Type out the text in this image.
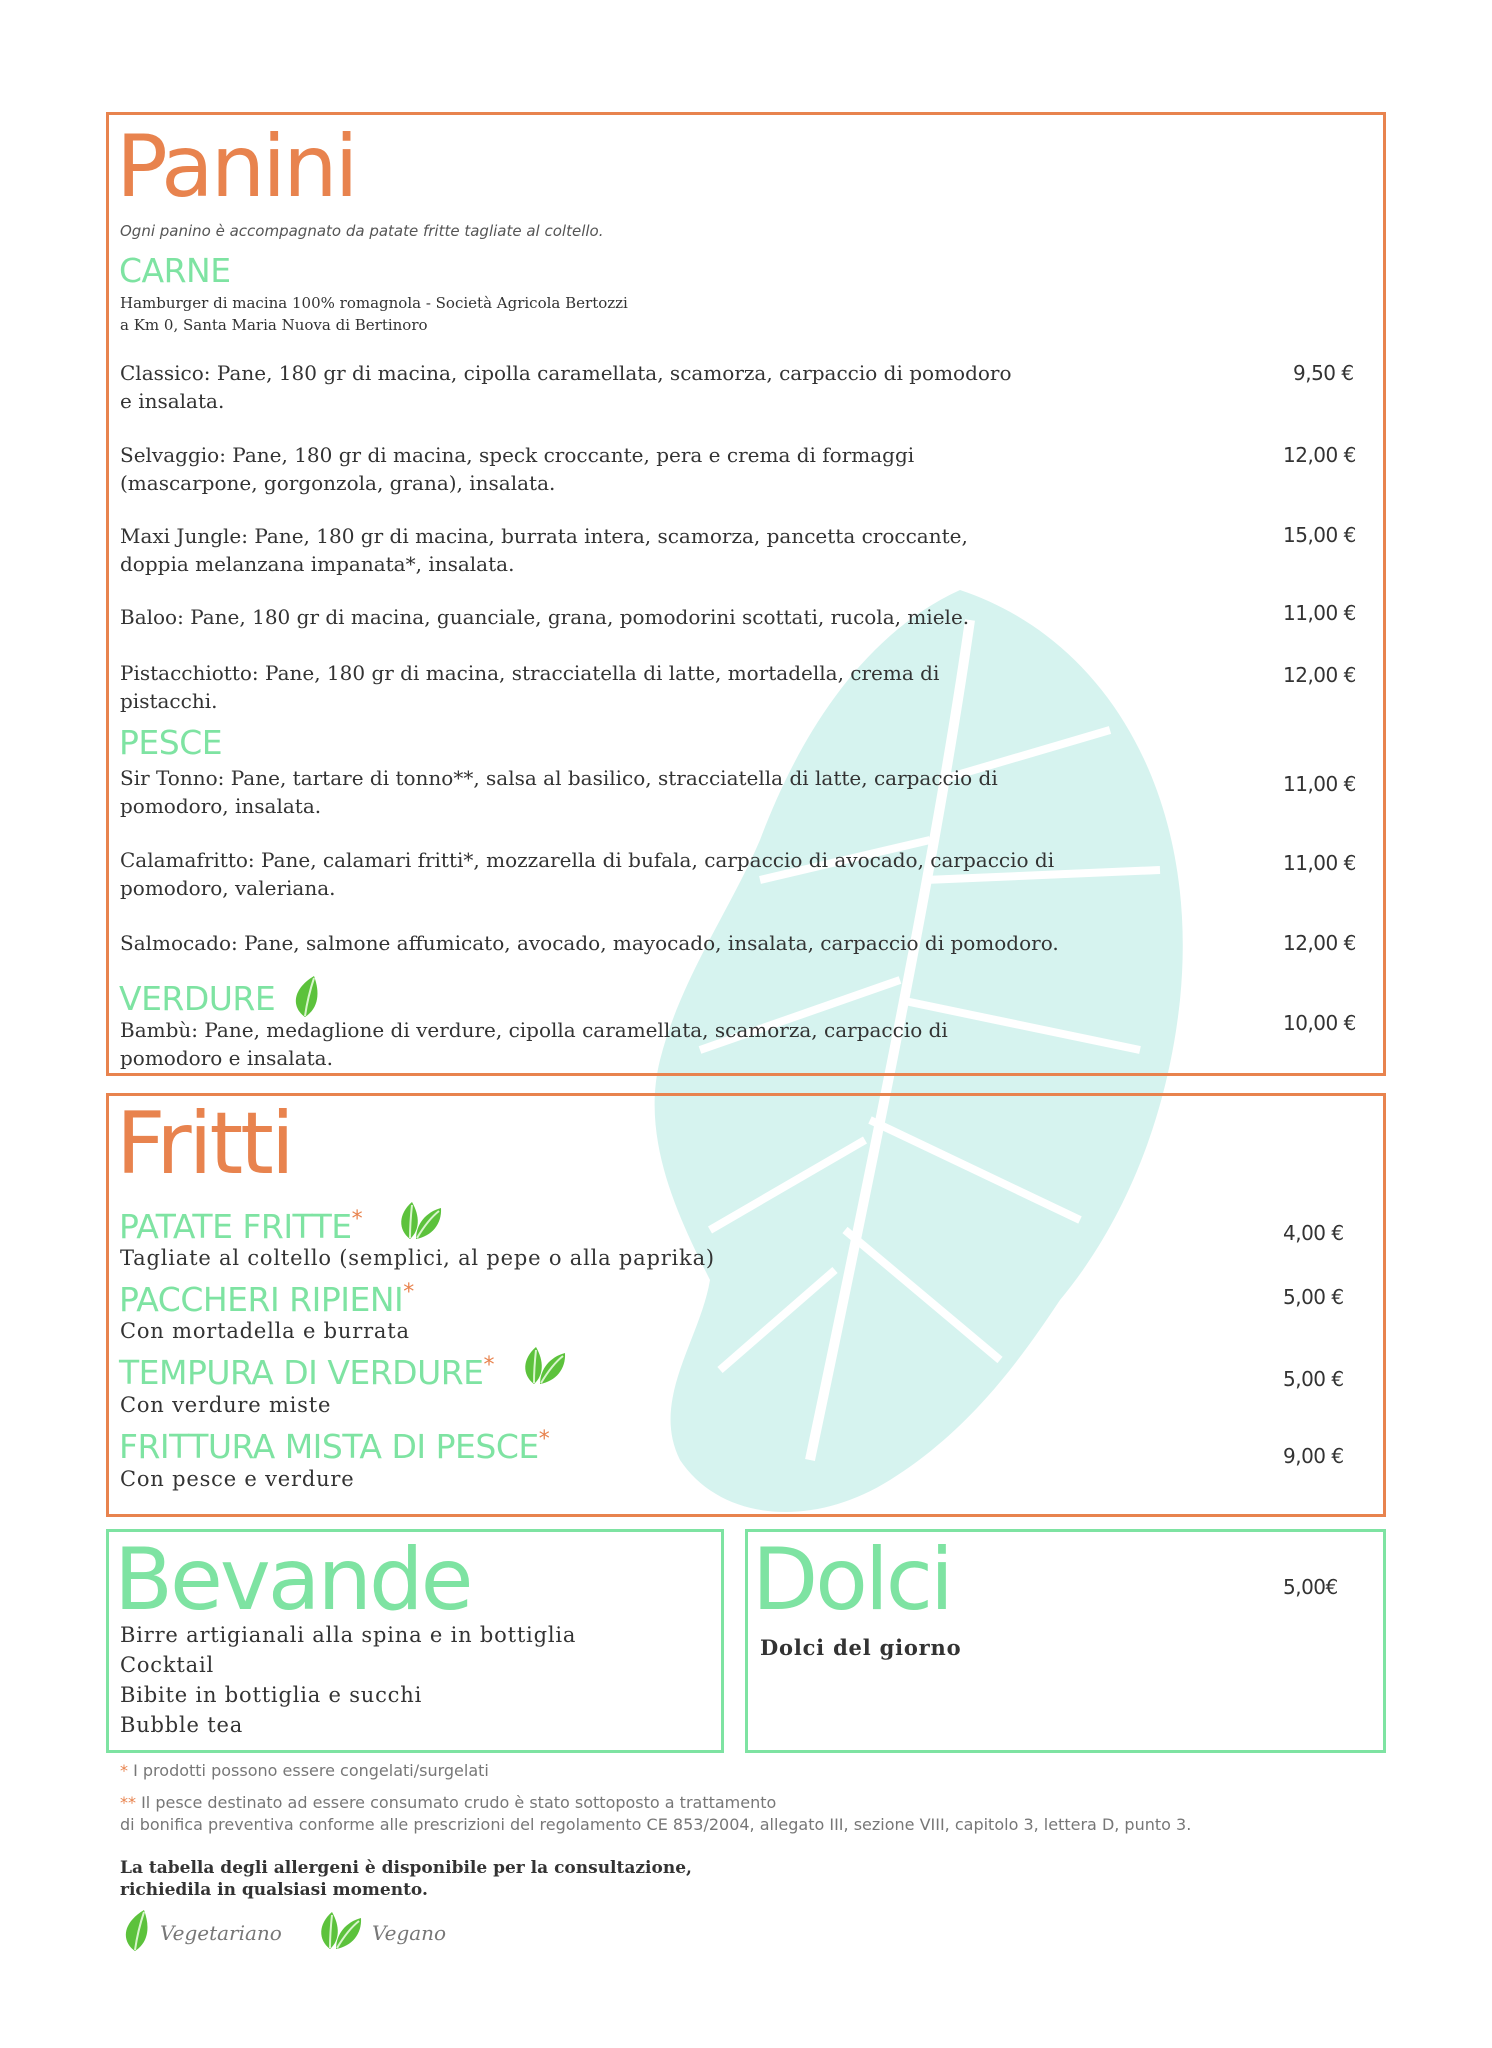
Panini
Ogni panino è accompagnato da patate fritte tagliate al coltello.
CARNE
Hamburger di macina 100% romagnola - Società Agricola Bertozzi
a Km 0, Santa Maria Nuova di Bertinoro
Classico: Pane, 180 gr di macina, cipolla caramellata, scamorza, carpaccio di pomodoro
e insalata.
9,50 €
Selvaggio: Pane, 180 gr di macina, speck croccante, pera e crema di formaggi
(mascarpone, gorgonzola, grana), insalata.
12,00 €
Maxi Jungle: Pane, 180 gr di macina, burrata intera, scamorza, pancetta croccante,
doppia melanzana impanata*, insalata.
15,00 €
Baloo: Pane, 180 gr di macina, guanciale, grana, pomodorini scottati, rucola, miele.	11,00 €
Pistacchiotto: Pane, 180 gr di macina, stracciatella di latte, mortadella, crema di
pistacchi.
12,00 €
PESCE
Sir Tonno: Pane, tartare di tonno**, salsa al basilico, stracciatella di latte, carpaccio di
pomodoro, insalata.
11,00 €
Calamafritto: Pane, calamari fritti*, mozzarella di bufala, carpaccio di avocado, carpaccio di
pomodoro, valeriana.
11,00 €
Salmocado: Pane, salmone affumicato, avocado, mayocado, insalata, carpaccio di pomodoro.	12,00 €
VERDURE
Bambù: Pane, medaglione di verdure, cipolla caramellata, scamorza, carpaccio di
pomodoro e insalata.
10,00 €
Fritti
PATATE FRITTE*
Tagliate al coltello (semplici, al pepe o alla paprika)
4,00 €
PACCHERI RIPIENI*
Con mortadella e burrata
5,00 €
TEMPURA DI VERDURE*
Con verdure miste
5,00 €
FRITTURA MISTA DI PESCE*
Con pesce e verdure
9,00 €
Bevande
Birre artigianali alla spina e in bottiglia
Cocktail
Bibite in bottiglia e succhi
Bubble tea
Dolci	5,00€
Dolci del giorno
* I prodotti possono essere congelati/surgelati
** Il pesce destinato ad essere consumato crudo è stato sottoposto a trattamento
di bonifica preventiva conforme alle prescrizioni del regolamento CE 853/2004, allegato III, sezione VIII, capitolo 3, lettera D, punto 3.
La tabella degli allergeni è disponibile per la consultazione,
richiedila in qualsiasi momento.
Vegetariano	Vegano
